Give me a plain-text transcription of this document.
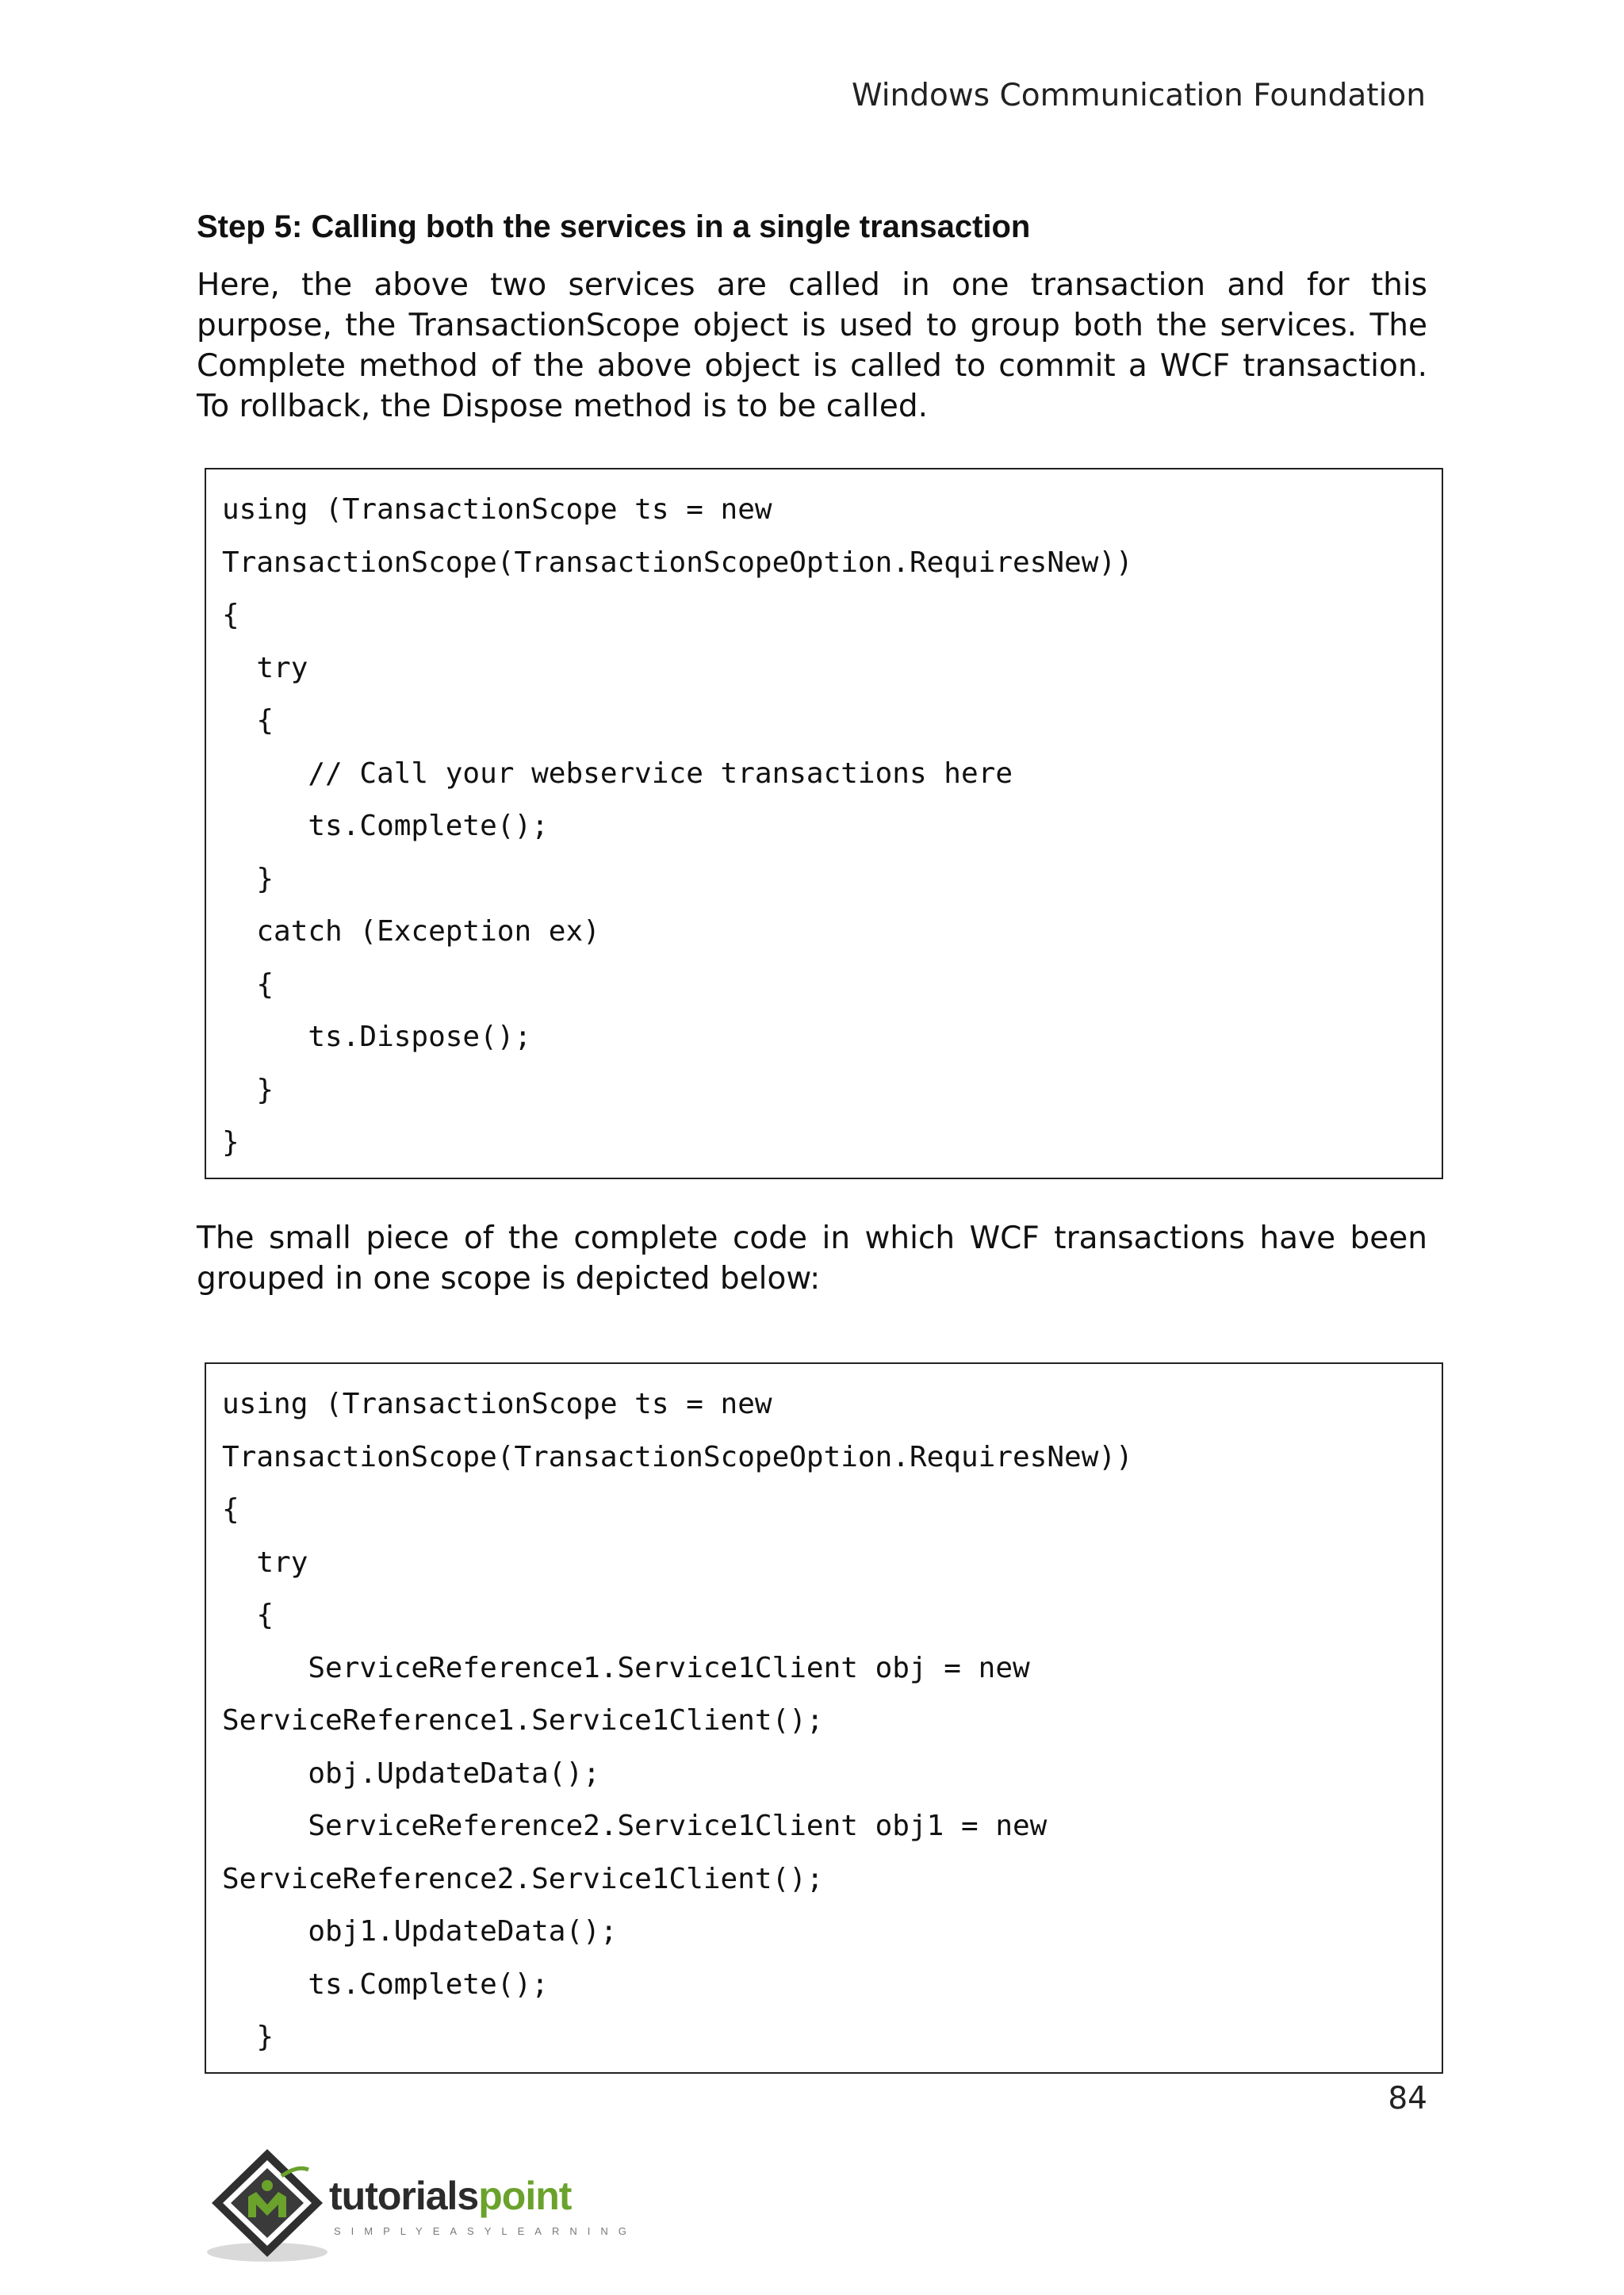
Windows Communication Foundation
Step 5: Calling both the services in a single transaction
Here, the above two services are called in one transaction and for this purpose, the TransactionScope object is used to group both the services. The Complete method of the above object is called to commit a WCF transaction. To rollback, the Dispose method is to be called.
using (TransactionScope ts = new
TransactionScope(TransactionScopeOption.RequiresNew))
{
try
{
// Call your webservice transactions here
ts.Complete();
}
catch (Exception ex)
{
ts.Dispose();
}
}
The small piece of the complete code in which WCF transactions have been grouped in one scope is depicted below:
using (TransactionScope ts = new
TransactionScope(TransactionScopeOption.RequiresNew))
{
try
{
ServiceReference1.Service1Client obj = new
ServiceReference1.Service1Client();
obj.UpdateData();
ServiceReference2.Service1Client obj1 = new
ServiceReference2.Service1Client();
obj1.UpdateData();
ts.Complete();
}
84
tutorialspoint
SIMPLYEASYLEARNING
